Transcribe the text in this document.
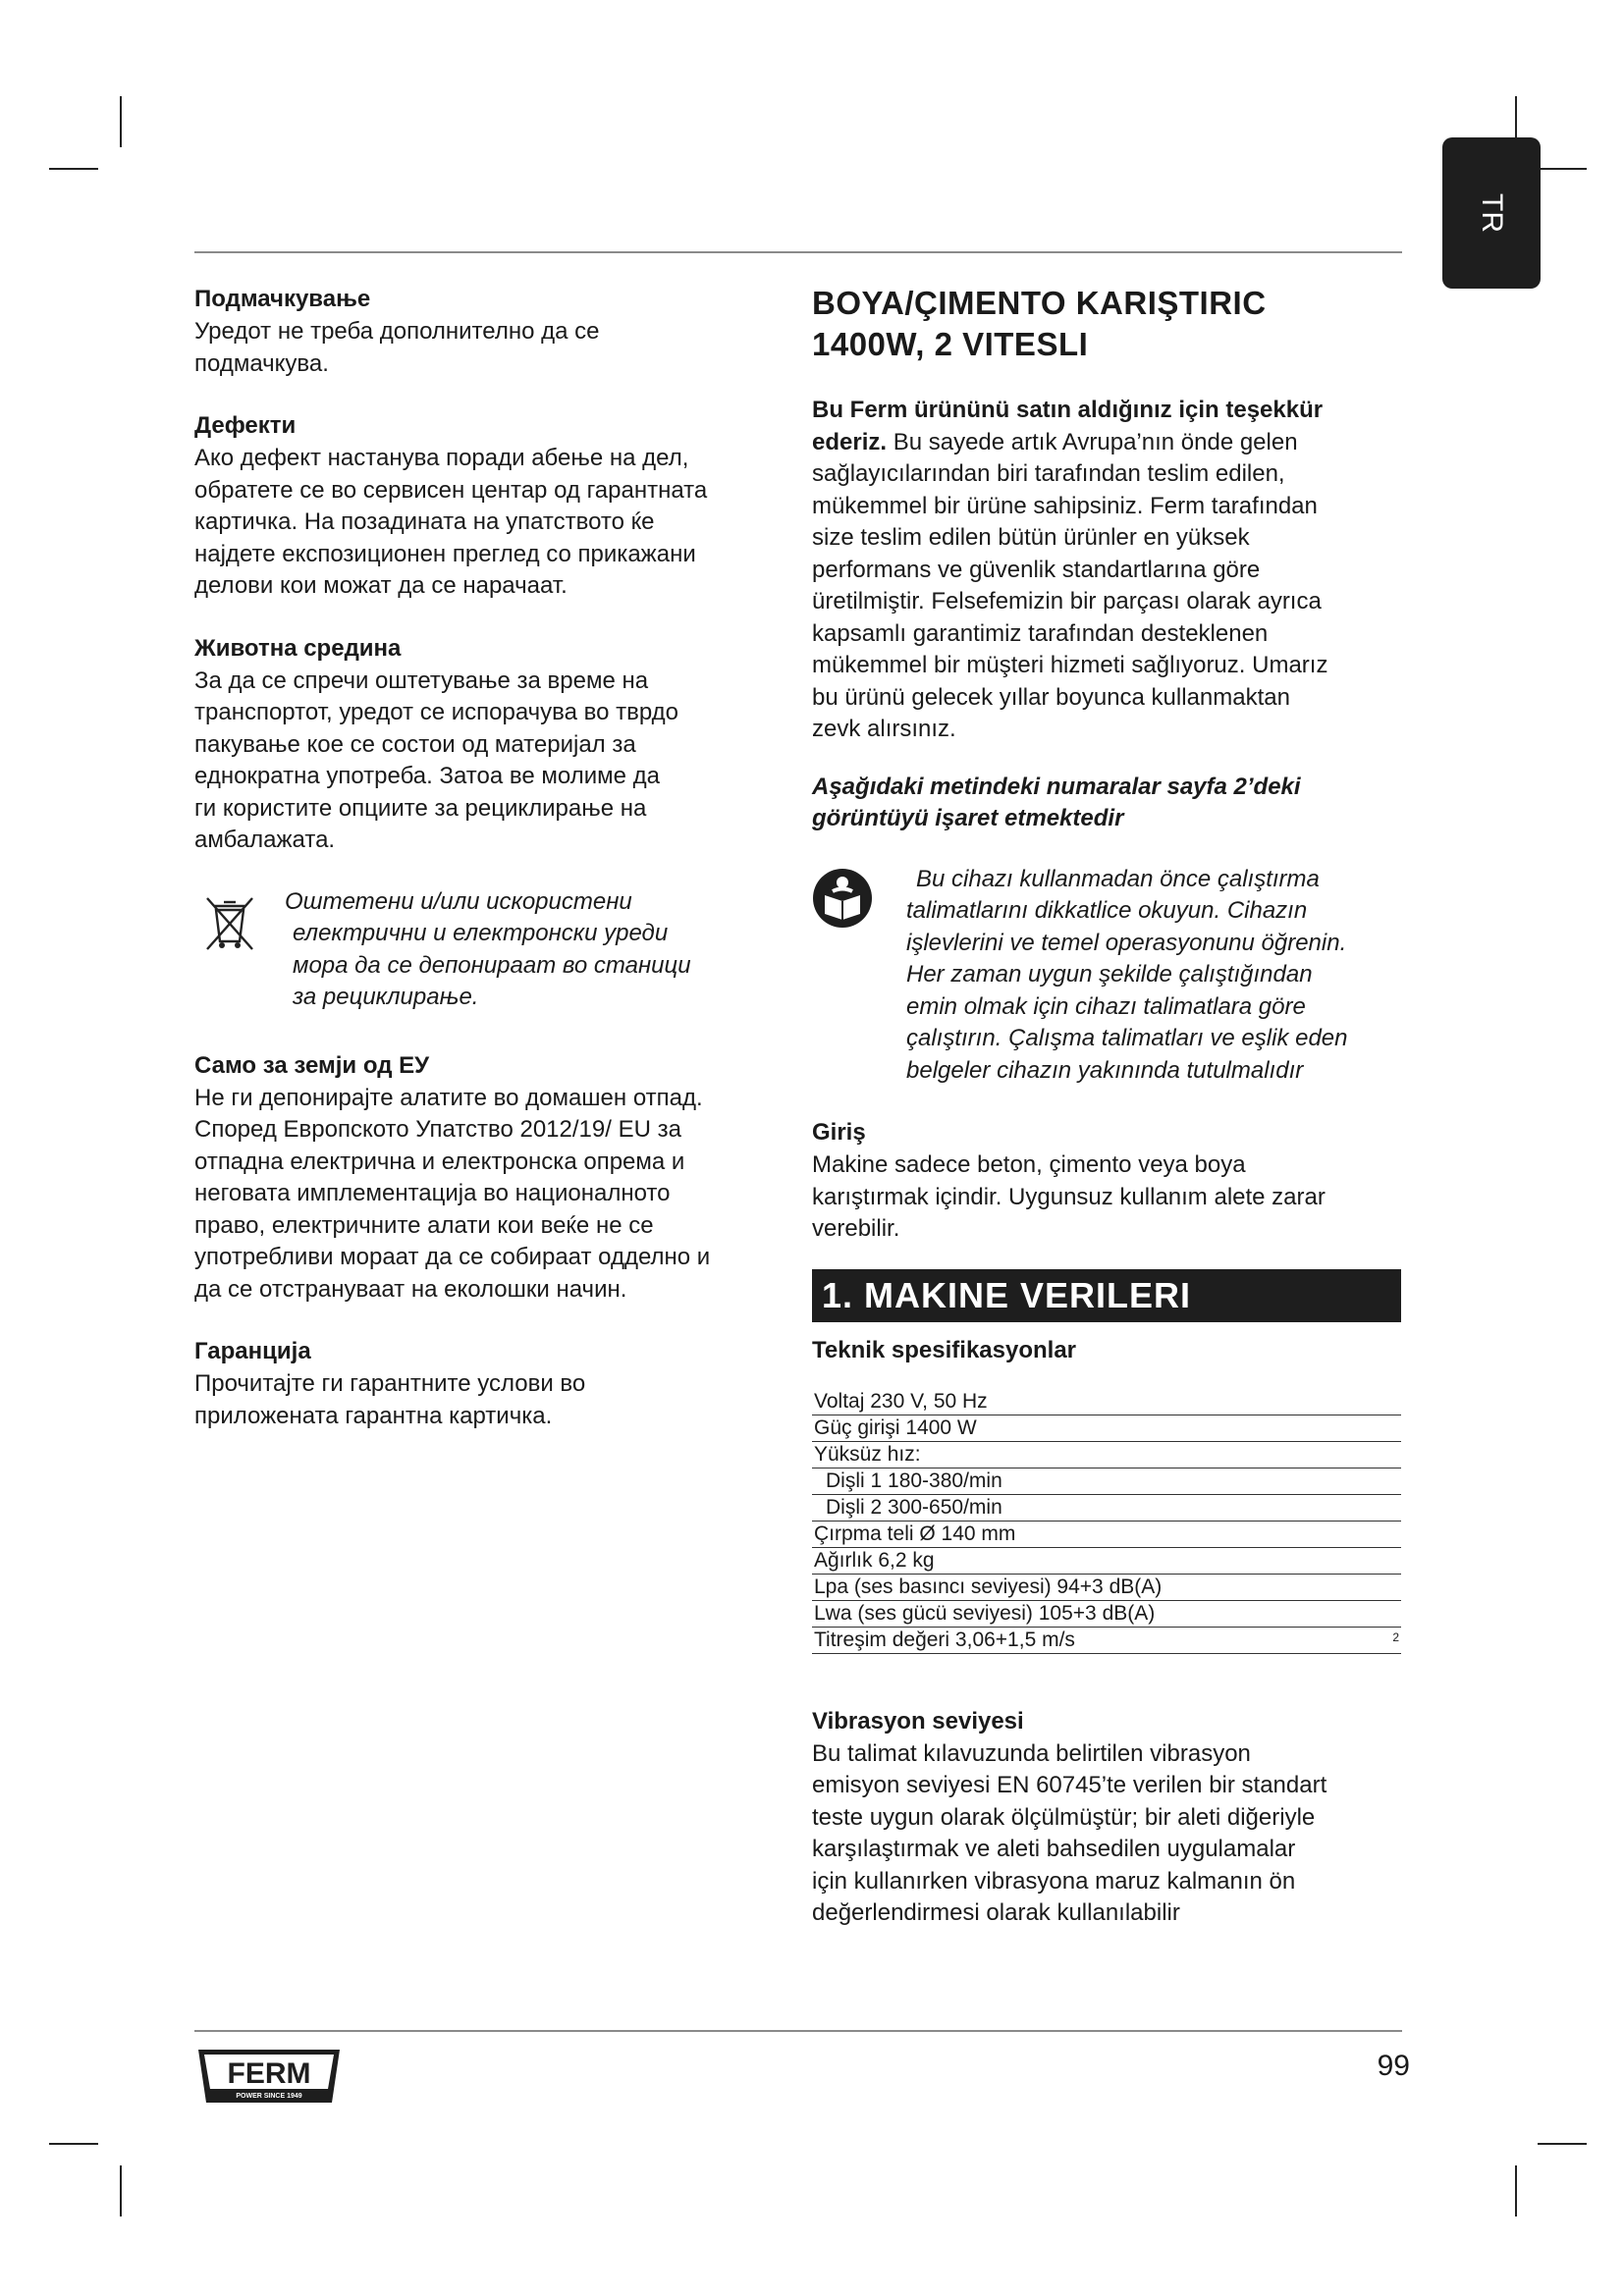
TR

Подмачкување

Уредот не треба дополнително да се

подмачкува.

Дефекти

Ако дефект настанува поради абење на дел,

обратете се во сервисен центар од гарантната

картичка. На позадината на упатството ќе

најдете експозиционен преглед со прикажани

делови кои можат да се нарачаат.

Животна средина

За да се спречи оштетување за време на

транспортот, уредот се испорачува во тврдо

пакување кое се состои од материјал за

еднократна употреба. Затоа ве молиме да

ги користите опциите за рециклирање на

амбалажата.

Оштетени и/или искористени
електрични и електронски уреди
мора да се депонираат во станици
за рециклирање.

Само за земји од ЕУ

Не ги депонирајте алатите во домашен отпад.

Според Европското Упатство 2012/19/ EU за

отпадна електрична и електронска опрема и

неговата имплементација во националното

право, електричните алати кои веќе не се

употребливи мораат да се собираат одделно и

да се отстрануваат на еколошки начин.

Гаранција

Прочитајте ги гарантните услови во

приложената гарантна картичка.

BOYA/ÇIMENTO KARIŞTIRIC

1400W, 2 VITESLI

Bu Ferm ürününü satın aldığınız için teşekkür

ederiz. Bu sayede artık Avrupa’nın önde gelen

sağlayıcılarından biri tarafından teslim edilen,

mükemmel bir ürüne sahipsiniz. Ferm tarafından

size teslim edilen bütün ürünler en yüksek

performans ve güvenlik standartlarına göre

üretilmiştir. Felsefemizin bir parçası olarak ayrıca

kapsamlı garantimiz tarafından desteklenen

mükemmel bir müşteri hizmeti sağlıyoruz. Umarız

bu ürünü gelecek yıllar boyunca kullanmaktan

zevk alırsınız.

Aşağıdaki metindeki numaralar sayfa 2’deki

görüntüyü işaret etmektedir

Bu cihazı kullanmadan önce çalıştırma
talimatlarını dikkatlice okuyun. Cihazın
işlevlerini ve temel operasyonunu öğrenin.
Her zaman uygun şekilde çalıştığından
emin olmak için cihazı talimatlara göre
çalıştırın. Çalışma talimatları ve eşlik eden
belgeler cihazın yakınında tutulmalıdır

Giriş

Makine sadece beton, çimento veya boya

karıştırmak içindir. Uygunsuz kullanım alete zarar

verebilir.

1. MAKINE VERILERI

Teknik spesifikasyonlar

Voltaj 230 V, 50 Hz
Güç girişi 1400 W
Yüksüz hız:
Dişli 1 180-380/min
Dişli 2 300-650/min
Çırpma teli Ø 140 mm
Ağırlık 6,2 kg
Lpa (ses basıncı seviyesi) 94+3 dB(A)
Lwa (ses gücü seviyesi) 105+3 dB(A)
Titreşim değeri 3,06+1,5 m/s	2

Vibrasyon seviyesi

Bu talimat kılavuzunda belirtilen vibrasyon

emisyon seviyesi EN 60745’te verilen bir standart

teste uygun olarak ölçülmüştür; bir aleti diğeriyle

karşılaştırmak ve aleti bahsedilen uygulamalar

için kullanırken vibrasyona maruz kalmanın ön

değerlendirmesi olarak kullanılabilir

FERM
POWER SINCE 1949
99
